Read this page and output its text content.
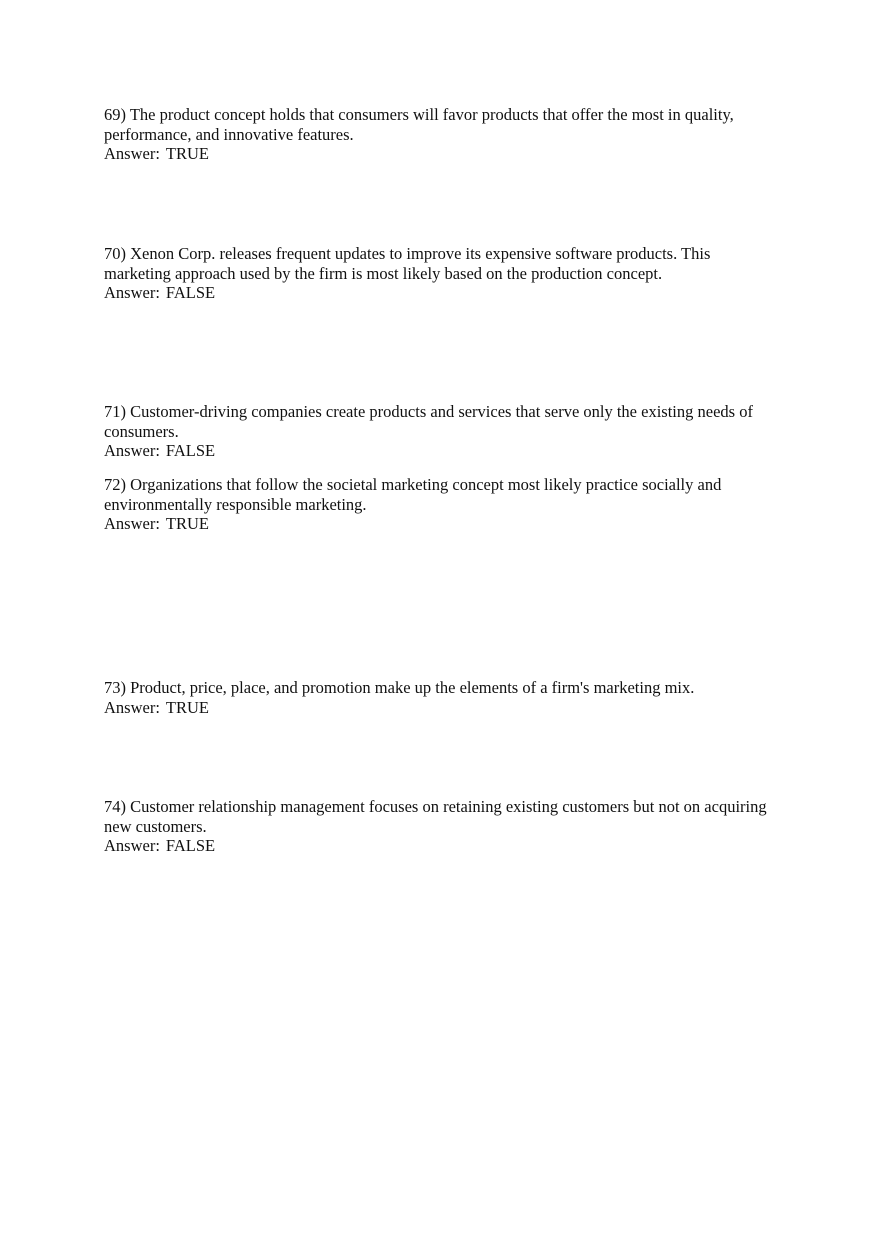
69) The product concept holds that consumers will favor products that offer the most in quality, performance, and innovative features.

Answer: TRUE

70) Xenon Corp. releases frequent updates to improve its expensive software products. This marketing approach used by the firm is most likely based on the production concept.

Answer: FALSE

71) Customer-driving companies create products and services that serve only the existing needs of consumers.

Answer: FALSE

72) Organizations that follow the societal marketing concept most likely practice socially and environmentally responsible marketing.

Answer: TRUE

73) Product, price, place, and promotion make up the elements of a firm's marketing mix.

Answer: TRUE

74) Customer relationship management focuses on retaining existing customers but not on acquiring new customers.

Answer: FALSE
